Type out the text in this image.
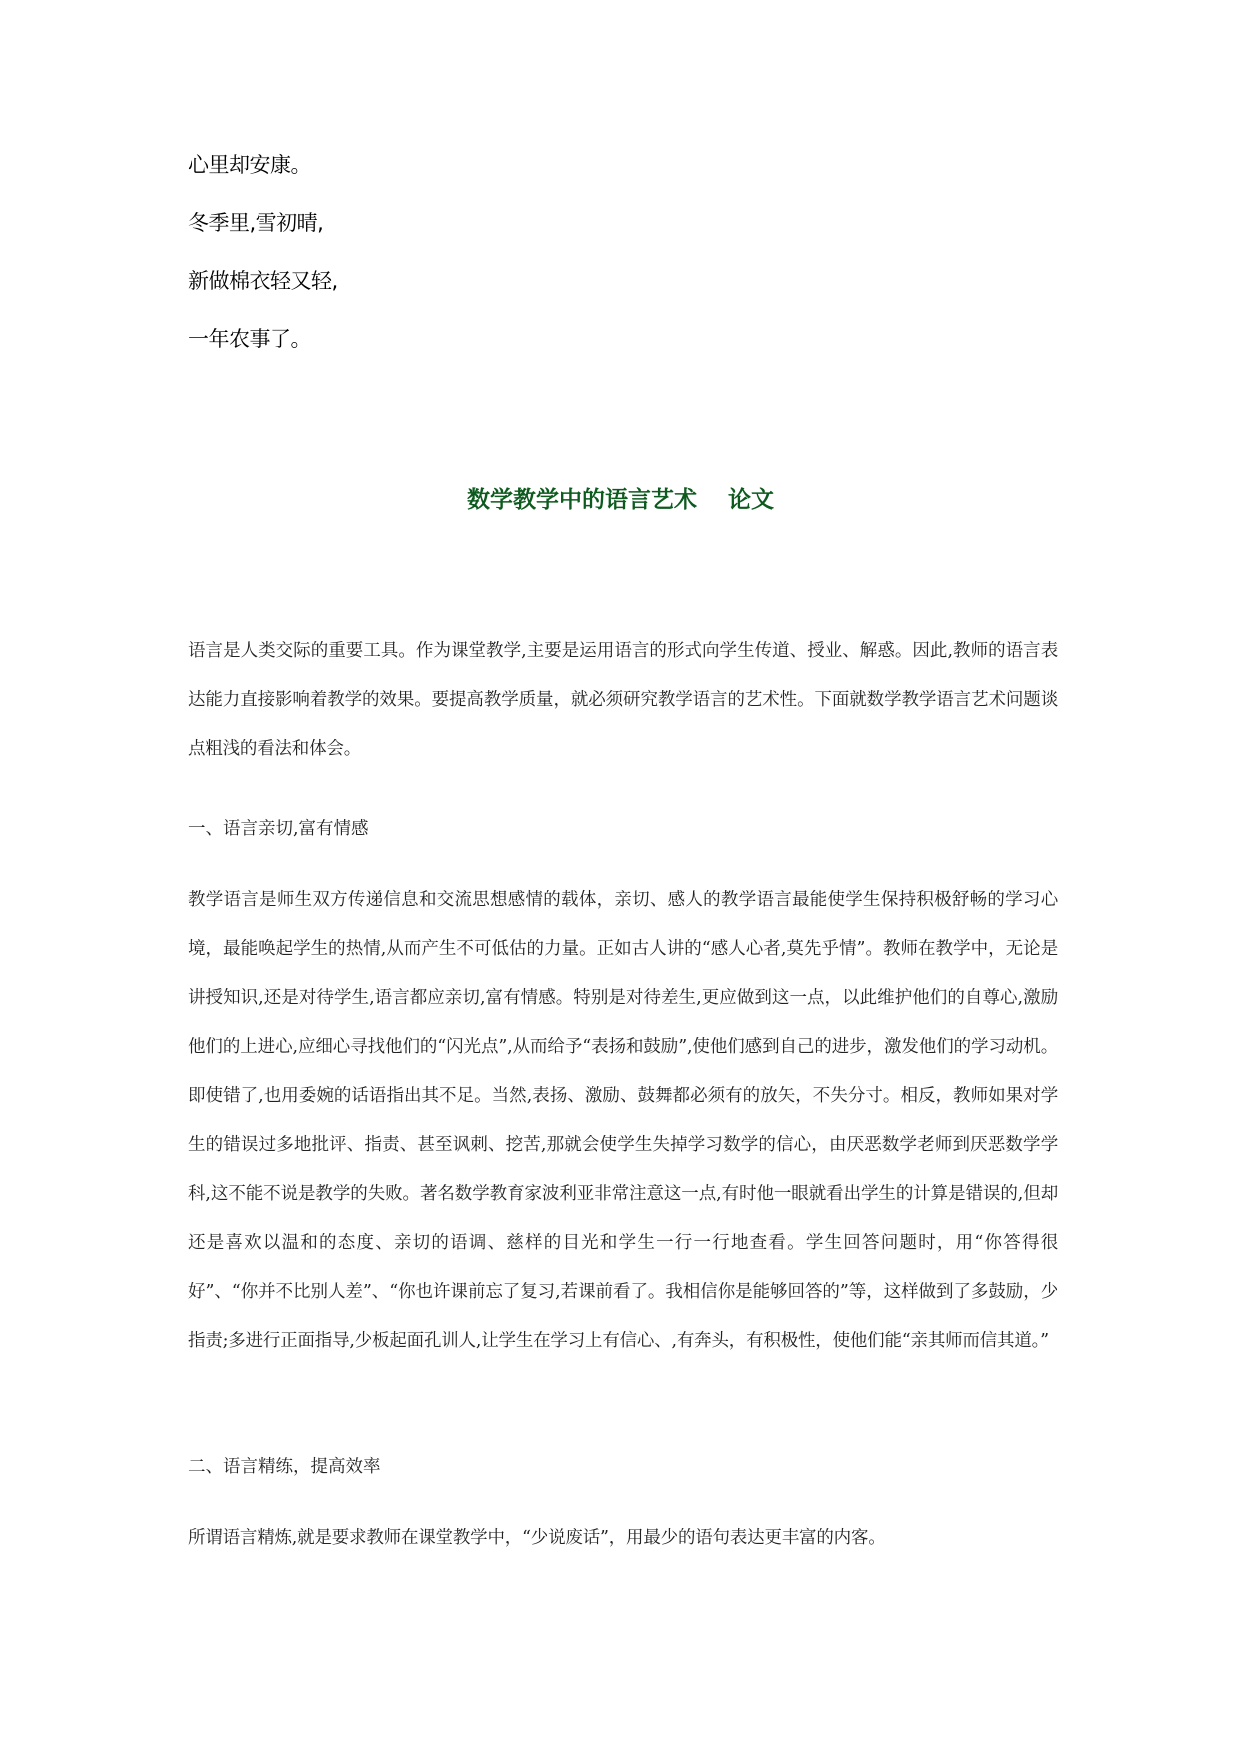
心里却安康。
冬季里,雪初晴,
新做棉衣轻又轻,
一年农事了。
数学教学中的语言艺术　 论文
语言是人类交际的重要工具。作为课堂教学,主要是运用语言的形式向学生传道、授业、解惑。因此,教师的语言表达能力直接影响着教学的效果。要提高教学质量，就必须研究教学语言的艺术性。下面就数学教学语言艺术问题谈点粗浅的看法和体会。
一、语言亲切,富有情感
教学语言是师生双方传递信息和交流思想感情的载体，亲切、感人的教学语言最能使学生保持积极舒畅的学习心境，最能唤起学生的热情,从而产生不可低估的力量。正如古人讲的“感人心者,莫先乎情”。教师在教学中，无论是讲授知识,还是对待学生,语言都应亲切,富有情感。特别是对待差生,更应做到这一点，以此维护他们的自尊心,激励他们的上进心,应细心寻找他们的“闪光点”,从而给予“表扬和鼓励”,使他们感到自己的进步，激发他们的学习动机。即使错了,也用委婉的话语指出其不足。当然,表扬、激励、鼓舞都必须有的放矢，不失分寸。相反，教师如果对学生的错误过多地批评、指责、甚至讽刺、挖苦,那就会使学生失掉学习数学的信心，由厌恶数学老师到厌恶数学学科,这不能不说是教学的失败。著名数学教育家波利亚非常注意这一点,有时他一眼就看出学生的计算是错误的,但却还是喜欢以温和的态度、亲切的语调、慈样的目光和学生一行一行地查看。学生回答问题时，用“你答得很好”、“你并不比别人差”、“你也许课前忘了复习,若课前看了。我相信你是能够回答的”等，这样做到了多鼓励，少指责;多进行正面指导,少板起面孔训人,让学生在学习上有信心、,有奔头，有积极性，使他们能“亲其师而信其道。”
二、语言精练，提高效率
所谓语言精炼,就是要求教师在课堂教学中，“少说废话”，用最少的语句表达更丰富的内客。
